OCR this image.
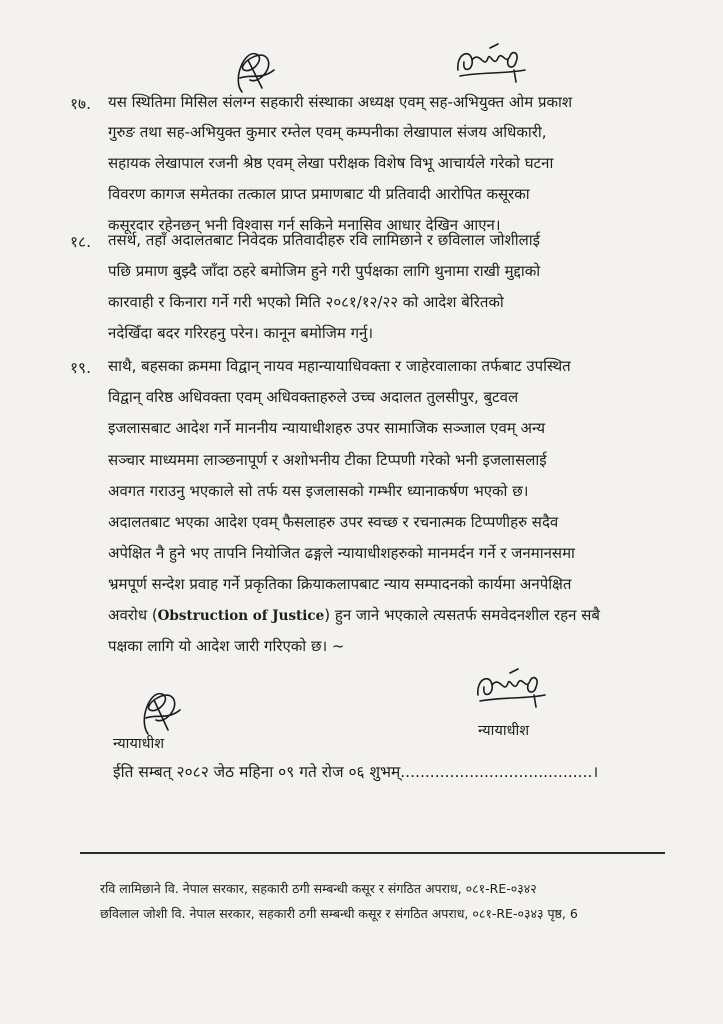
१७. यस स्थितिमा मिसिल संलग्न सहकारी संस्थाका अध्यक्ष एवम् सह-अभियुक्त ओम प्रकाश
गुरुङ तथा सह-अभियुक्त कुमार रम्तेल एवम् कम्पनीका लेखापाल संजय अधिकारी,
सहायक लेखापाल रजनी श्रेष्ठ एवम् लेखा परीक्षक विशेष विभू आचार्यले गरेको घटना
विवरण कागज समेतका तत्काल प्राप्त प्रमाणबाट यी प्रतिवादी आरोपित कसूरका
कसूरदार रहेनछन् भनी विश्वास गर्न सकिने मनासिव आधार देखिन आएन।
१८. तसर्थ, तहाँ अदालतबाट निवेदक प्रतिवादीहरु रवि लामिछाने र छविलाल जोशीलाई
पछि प्रमाण बुझ्दै जाँदा ठहरे बमोजिम हुने गरी पुर्पक्षका लागि थुनामा राखी मुद्दाको
कारवाही र किनारा गर्ने गरी भएको मिति २०८१/१२/२२ को आदेश बेरितको
नदेखिँदा बदर गरिरहनु परेन। कानून बमोजिम गर्नु।
१९. साथै, बहसका क्रममा विद्वान् नायव महान्यायाधिवक्ता र जाहेरवालाका तर्फबाट उपस्थित
विद्वान् वरिष्ठ अधिवक्ता एवम् अधिवक्ताहरुले उच्च अदालत तुलसीपुर, बुटवल
इजलासबाट आदेश गर्ने माननीय न्यायाधीशहरु उपर सामाजिक सञ्जाल एवम् अन्य
सञ्चार माध्यममा लाञ्छनापूर्ण र अशोभनीय टीका टिप्पणी गरेको भनी इजलासलाई
अवगत गराउनु भएकाले सो तर्फ यस इजलासको गम्भीर ध्यानाकर्षण भएको छ।
अदालतबाट भएका आदेश एवम् फैसलाहरु उपर स्वच्छ र रचनात्मक टिप्पणीहरु सदैव
अपेक्षित नै हुने भए तापनि नियोजित ढङ्गले न्यायाधीशहरुको मानमर्दन गर्ने र जनमानसमा
भ्रमपूर्ण सन्देश प्रवाह गर्ने प्रकृतिका क्रियाकलापबाट न्याय सम्पादनको कार्यमा अनपेक्षित
अवरोध (Obstruction of Justice) हुन जाने भएकाले त्यसतर्फ समवेदनशील रहन सबै
पक्षका लागि यो आदेश जारी गरिएको छ। ~
न्यायाधीश
न्यायाधीश
ईति सम्बत् २०८२ जेठ महिना ०९ गते रोज ०६ शुभम्.......................................।
रवि लामिछाने वि. नेपाल सरकार, सहकारी ठगी सम्बन्धी कसूर र संगठित अपराध, ०८१-RE-०३४२
छविलाल जोशी वि. नेपाल सरकार, सहकारी ठगी सम्बन्धी कसूर र संगठित अपराध, ०८१-RE-०३४३ पृष्ठ, 6
